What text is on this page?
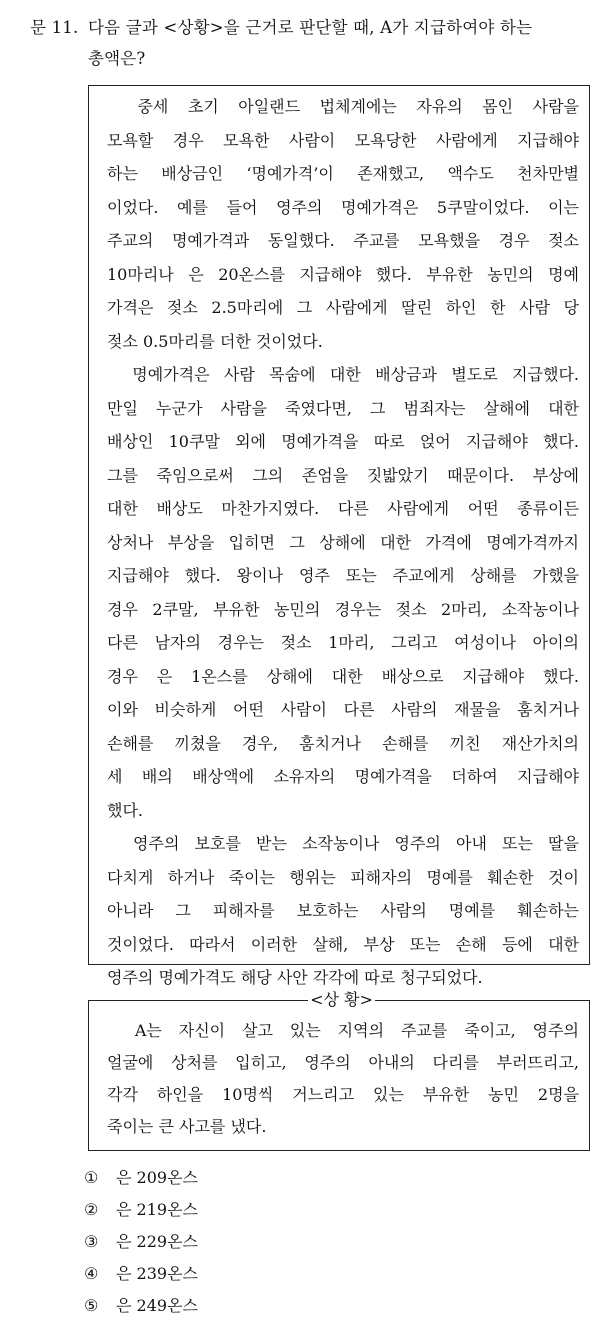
문 11. 다음 글과 <상황>을 근거로 판단할 때, A가 지급하여야 하는
총액은?
　중세 초기 아일랜드 법체계에는 자유의 몸인 사람을
모욕할 경우 모욕한 사람이 모욕당한 사람에게 지급해야
하는 배상금인 ‘명예가격’이 존재했고, 액수도 천차만별
이었다. 예를 들어 영주의 명예가격은 5쿠말이었다. 이는
주교의 명예가격과 동일했다. 주교를 모욕했을 경우 젖소
10마리나 은 20온스를 지급해야 했다. 부유한 농민의 명예
가격은 젖소 2.5마리에 그 사람에게 딸린 하인 한 사람 당
젖소 0.5마리를 더한 것이었다.
　명예가격은 사람 목숨에 대한 배상금과 별도로 지급했다.
만일 누군가 사람을 죽였다면, 그 범죄자는 살해에 대한
배상인 10쿠말 외에 명예가격을 따로 얹어 지급해야 했다.
그를 죽임으로써 그의 존엄을 짓밟았기 때문이다. 부상에
대한 배상도 마찬가지였다. 다른 사람에게 어떤 종류이든
상처나 부상을 입히면 그 상해에 대한 가격에 명예가격까지
지급해야 했다. 왕이나 영주 또는 주교에게 상해를 가했을
경우 2쿠말, 부유한 농민의 경우는 젖소 2마리, 소작농이나
다른 남자의 경우는 젖소 1마리, 그리고 여성이나 아이의
경우 은 1온스를 상해에 대한 배상으로 지급해야 했다.
이와 비슷하게 어떤 사람이 다른 사람의 재물을 훔치거나
손해를 끼쳤을 경우, 훔치거나 손해를 끼친 재산가치의
세 배의 배상액에 소유자의 명예가격을 더하여 지급해야
했다.
　영주의 보호를 받는 소작농이나 영주의 아내 또는 딸을
다치게 하거나 죽이는 행위는 피해자의 명예를 훼손한 것이
아니라 그 피해자를 보호하는 사람의 명예를 훼손하는
것이었다. 따라서 이러한 살해, 부상 또는 손해 등에 대한
영주의 명예가격도 해당 사안 각각에 따로 청구되었다.
<상 황>
　A는 자신이 살고 있는 지역의 주교를 죽이고, 영주의
얼굴에 상처를 입히고, 영주의 아내의 다리를 부러뜨리고,
각각 하인을 10명씩 거느리고 있는 부유한 농민 2명을
죽이는 큰 사고를 냈다.
① 은 209온스
② 은 219온스
③ 은 229온스
④ 은 239온스
⑤ 은 249온스
